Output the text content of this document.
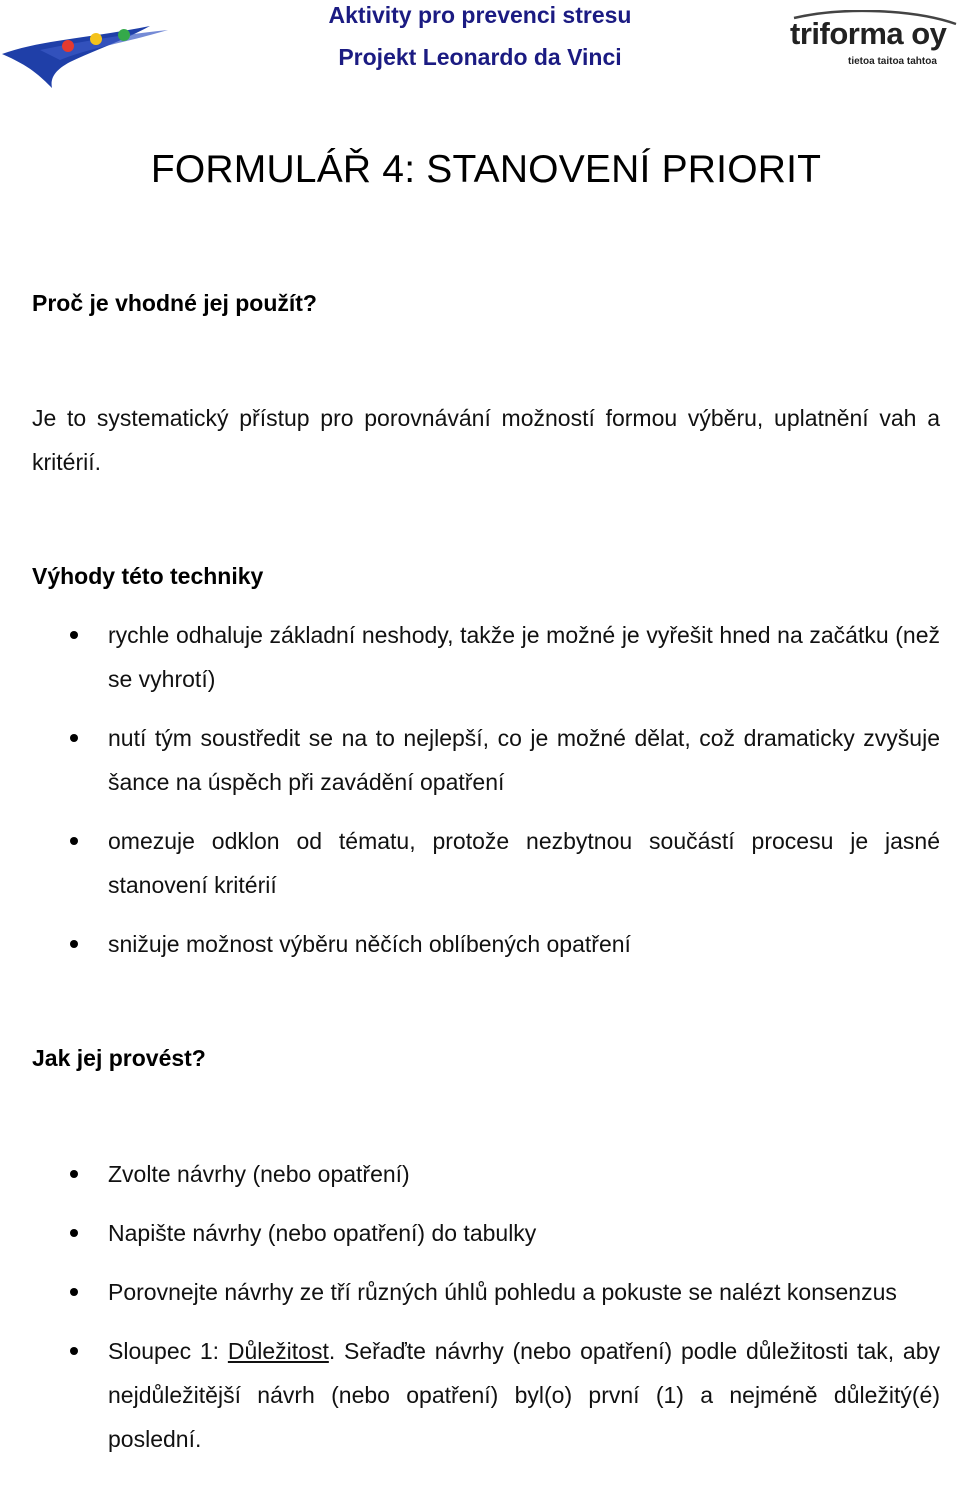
Aktivity pro prevenci stresu
Projekt Leonardo da Vinci
triforma oy
tietoa taitoa tahtoa
FORMULÁŘ 4: STANOVENÍ PRIORIT

Proč je vhodné jej použít?

Je to systematický přístup pro porovnávání možností formou výběru, uplatnění vah a kritérií.

Výhody této techniky

rychle odhaluje základní neshody, takže je možné je vyřešit hned na začátku (než se vyhrotí)
nutí tým soustředit se na to nejlepší, co je možné dělat, což dramaticky zvyšuje šance na úspěch při zavádění opatření
omezuje odklon od tématu, protože nezbytnou součástí procesu je jasné stanovení kritérií
snižuje možnost výběru něčích oblíbených opatření

Jak jej provést?

Zvolte návrhy (nebo opatření)
Napište návrhy (nebo opatření) do tabulky
Porovnejte návrhy ze tří různých úhlů pohledu a pokuste se nalézt konsenzus
Sloupec 1: Důležitost. Seřaďte návrhy (nebo opatření) podle důležitosti tak, aby nejdůležitější návrh (nebo opatření) byl(o) první (1) a nejméně důležitý(é) poslední.
